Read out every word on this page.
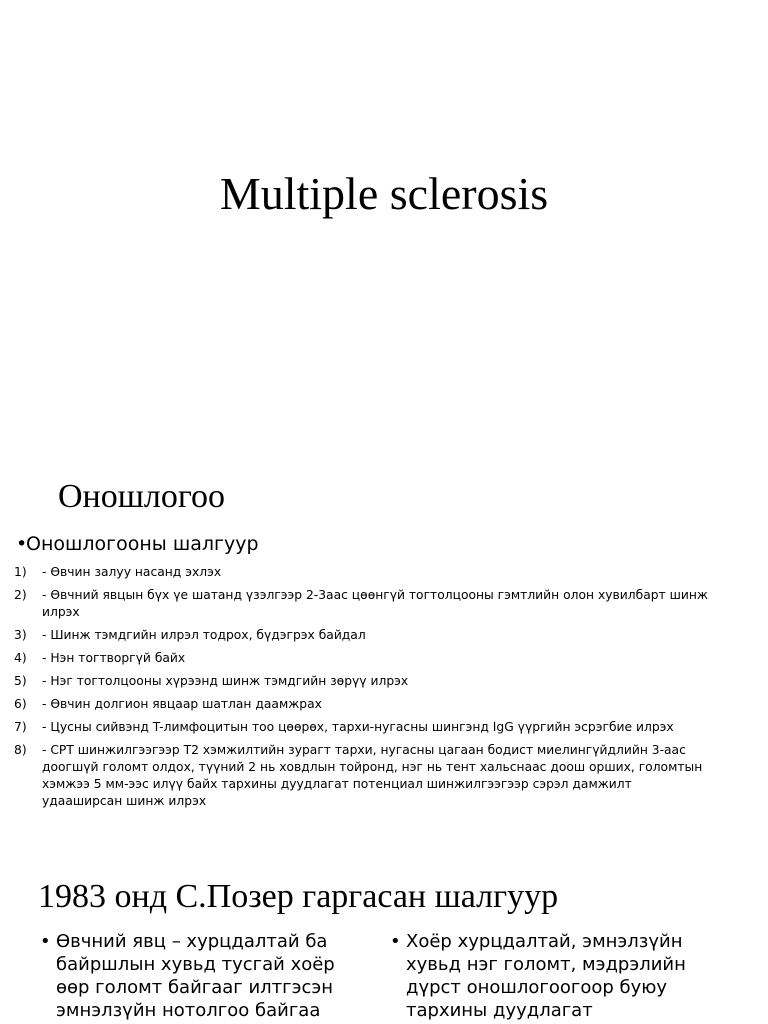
Multiple sclerosis
Оношлогоо
•Оношлогооны шалгуур
1)	- Өвчин залуу насанд эхлэх
2)	- Өвчний явцын бүх үе шатанд үзэлгээр 2-3аас цөөнгүй тогтолцооны гэмтлийн олон хувилбарт шинж илрэх
3)	- Шинж тэмдгийн илрэл тодрох, бүдэгрэх байдал
4)	- Нэн тогтворгүй байх
5)	- Нэг тогтолцооны хүрээнд шинж тэмдгийн зөрүү илрэх
6)	- Өвчин долгион явцаар шатлан даамжрах
7)	- Цусны сийвэнд T-лимфоцитын тоо цөөрөх, тархи-нугасны шингэнд IgG үүргийн эсрэгбие илрэх
8)	- СРТ шинжилгээгээр Т2 хэмжилтийн зурагт тархи, нугасны цагаан бодист миелингүйдлийн 3-аас доогшүй голомт олдох, түүний 2 нь ховдлын тойронд, нэг нь тент хальснаас доош орших, голомтын хэмжээ 5 мм-ээс илүү байх тархины дуудлагат потенциал шинжилгээгээр сэрэл дамжилт удааширсан шинж илрэх
1983 онд С.Позер гаргасан шалгуур
• Өвчний явц – хурцдалтай ба байршлын хувьд тусгай хоёр өөр голомт байгааг илтгэсэн эмнэлзүйн нотолгоо байгаа
• Хоёр хурцдалтай, эмнэлзүйн хувьд нэг голомт, мэдрэлийн дүрст оношлогоогоор буюу тархины дуудлагат
